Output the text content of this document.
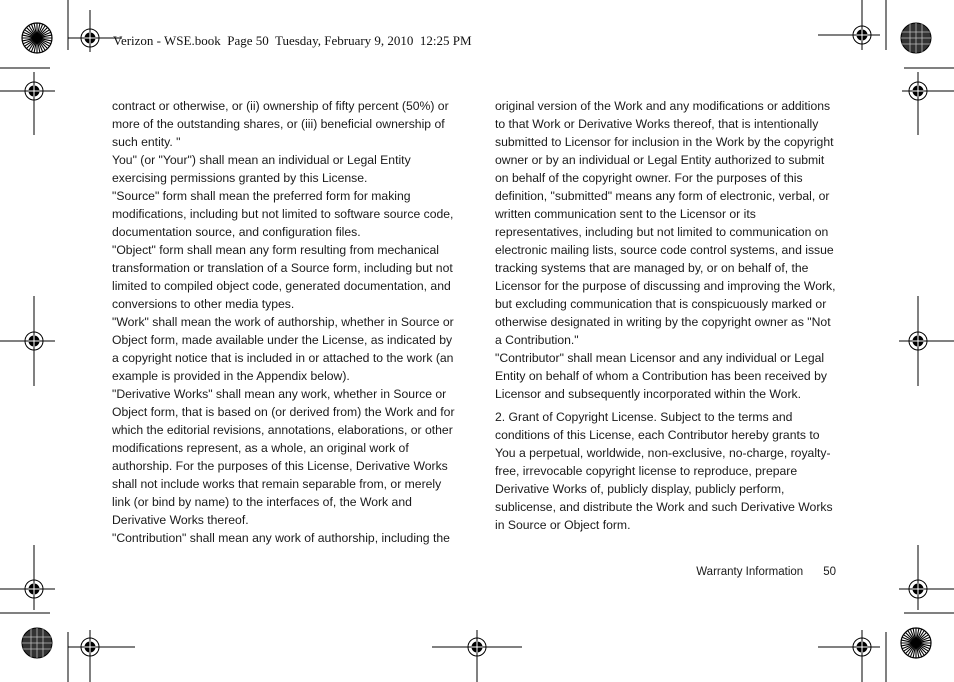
Verizon - WSE.book  Page 50  Tuesday, February 9, 2010  12:25 PM

contract or otherwise, or (ii) ownership of fifty percent (50%) or more of the outstanding shares, or (iii) beneficial ownership of such entity. "

You" (or "Your") shall mean an individual or Legal Entity exercising permissions granted by this License.

"Source" form shall mean the preferred form for making modifications, including but not limited to software source code, documentation source, and configuration files.

"Object" form shall mean any form resulting from mechanical transformation or translation of a Source form, including but not limited to compiled object code, generated documentation, and conversions to other media types.

"Work" shall mean the work of authorship, whether in Source or Object form, made available under the License, as indicated by a copyright notice that is included in or attached to the work (an example is provided in the Appendix below).

"Derivative Works" shall mean any work, whether in Source or Object form, that is based on (or derived from) the Work and for which the editorial revisions, annotations, elaborations, or other modifications represent, as a whole, an original work of authorship. For the purposes of this License, Derivative Works shall not include works that remain separable from, or merely link (or bind by name) to the interfaces of, the Work and Derivative Works thereof.

"Contribution" shall mean any work of authorship, including the

original version of the Work and any modifications or additions to that Work or Derivative Works thereof, that is intentionally submitted to Licensor for inclusion in the Work by the copyright owner or by an individual or Legal Entity authorized to submit on behalf of the copyright owner. For the purposes of this definition, "submitted" means any form of electronic, verbal, or written communication sent to the Licensor or its representatives, including but not limited to communication on electronic mailing lists, source code control systems, and issue tracking systems that are managed by, or on behalf of, the Licensor for the purpose of discussing and improving the Work, but excluding communication that is conspicuously marked or otherwise designated in writing by the copyright owner as "Not a Contribution."

"Contributor" shall mean Licensor and any individual or Legal Entity on behalf of whom a Contribution has been received by Licensor and subsequently incorporated within the Work.

2. Grant of Copyright License. Subject to the terms and conditions of this License, each Contributor hereby grants to You a perpetual, worldwide, non-exclusive, no-charge, royalty-free, irrevocable copyright license to reproduce, prepare Derivative Works of, publicly display, publicly perform, sublicense, and distribute the Work and such Derivative Works in Source or Object form.

Warranty Information 50
